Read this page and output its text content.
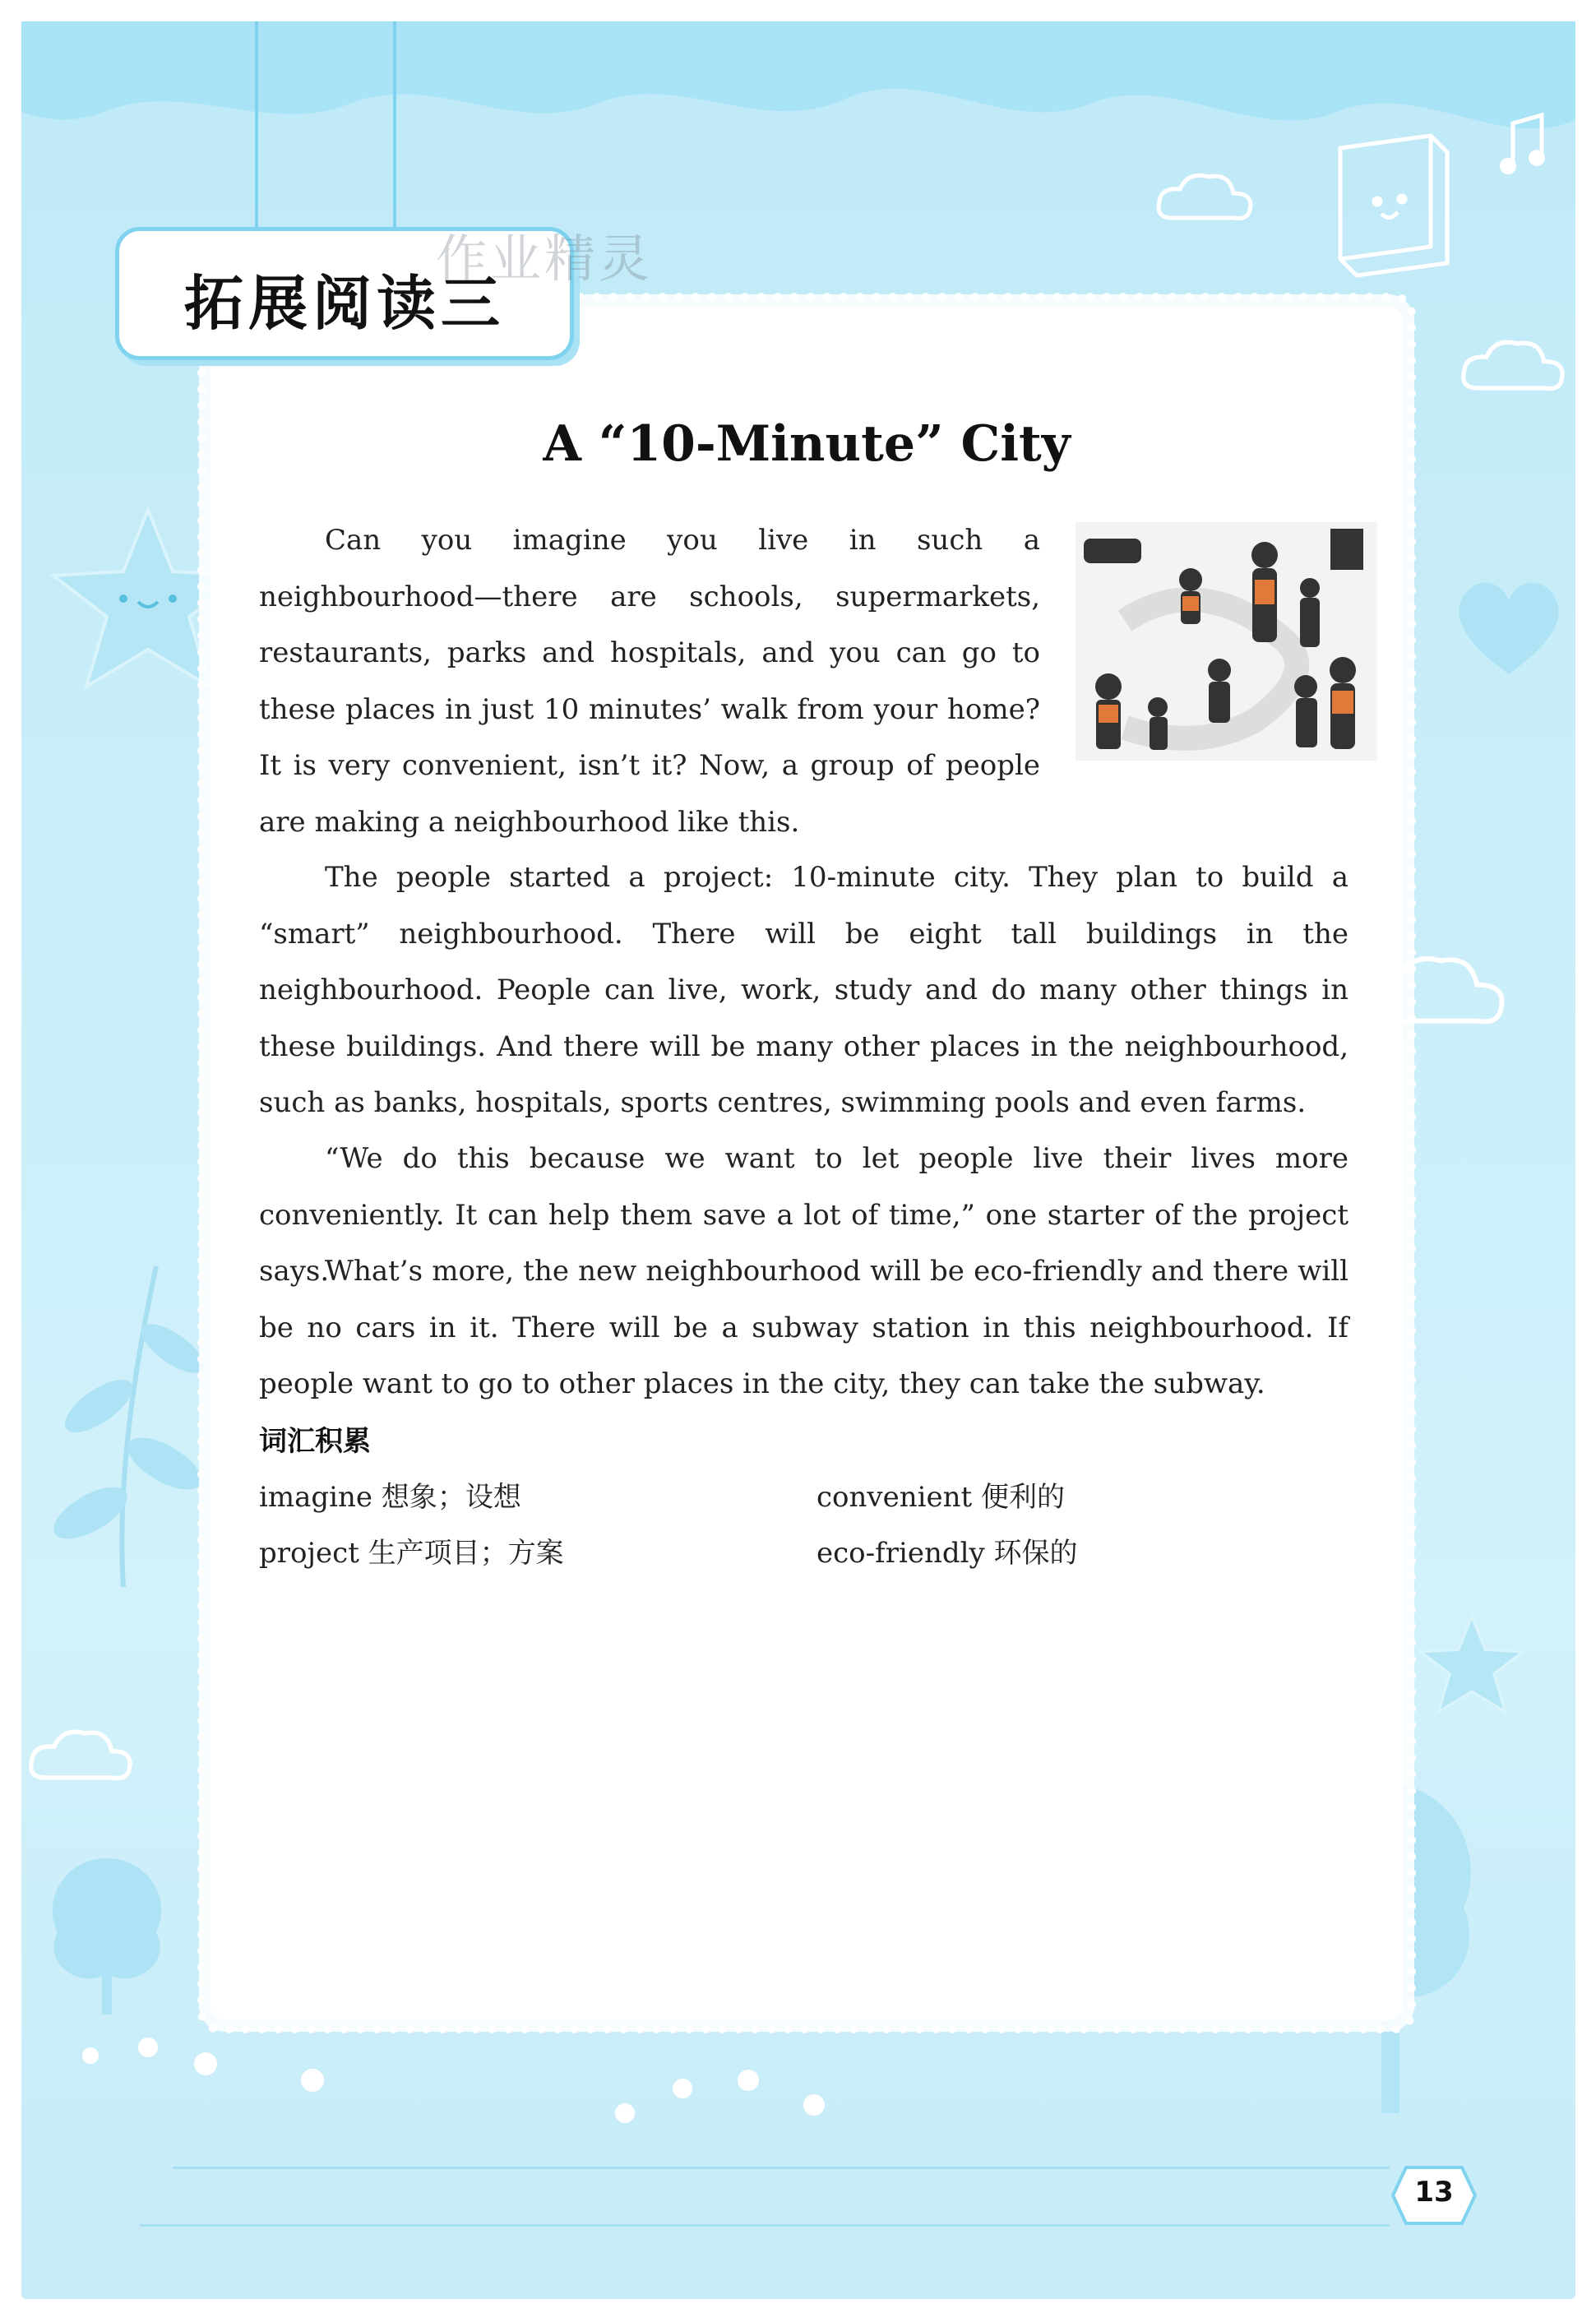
拓展阅读三
作业精灵
A “10-Minute” City

Can you imagine you live in such a neighbourhood—there are schools, supermarkets, restaurants, parks and hospitals, and you can go to these places in just 10 minutes’ walk from your home? It is very convenient, isn’t it? Now, a group of people are making a neighbourhood like this.

The people started a project: 10-minute city. They plan to build a “smart” neighbourhood. There will be eight tall buildings in the neighbourhood. People can live, work, study and do many other things in these buildings. And there will be many other places in the neighbourhood, such as banks, hospitals, sports centres, swimming pools and even farms.

“We do this because we want to let people live their lives more conveniently. It can help them save a lot of time,” one starter of the project says.

What’s more, the new neighbourhood will be eco-friendly and there will be no cars in it. There will be a subway station in this neighbourhood. If people want to go to other places in the city, they can take the subway.

词汇积累
imagine 想象；设想	convenient 便利的
project 生产项目；方案	eco-friendly 环保的
13
